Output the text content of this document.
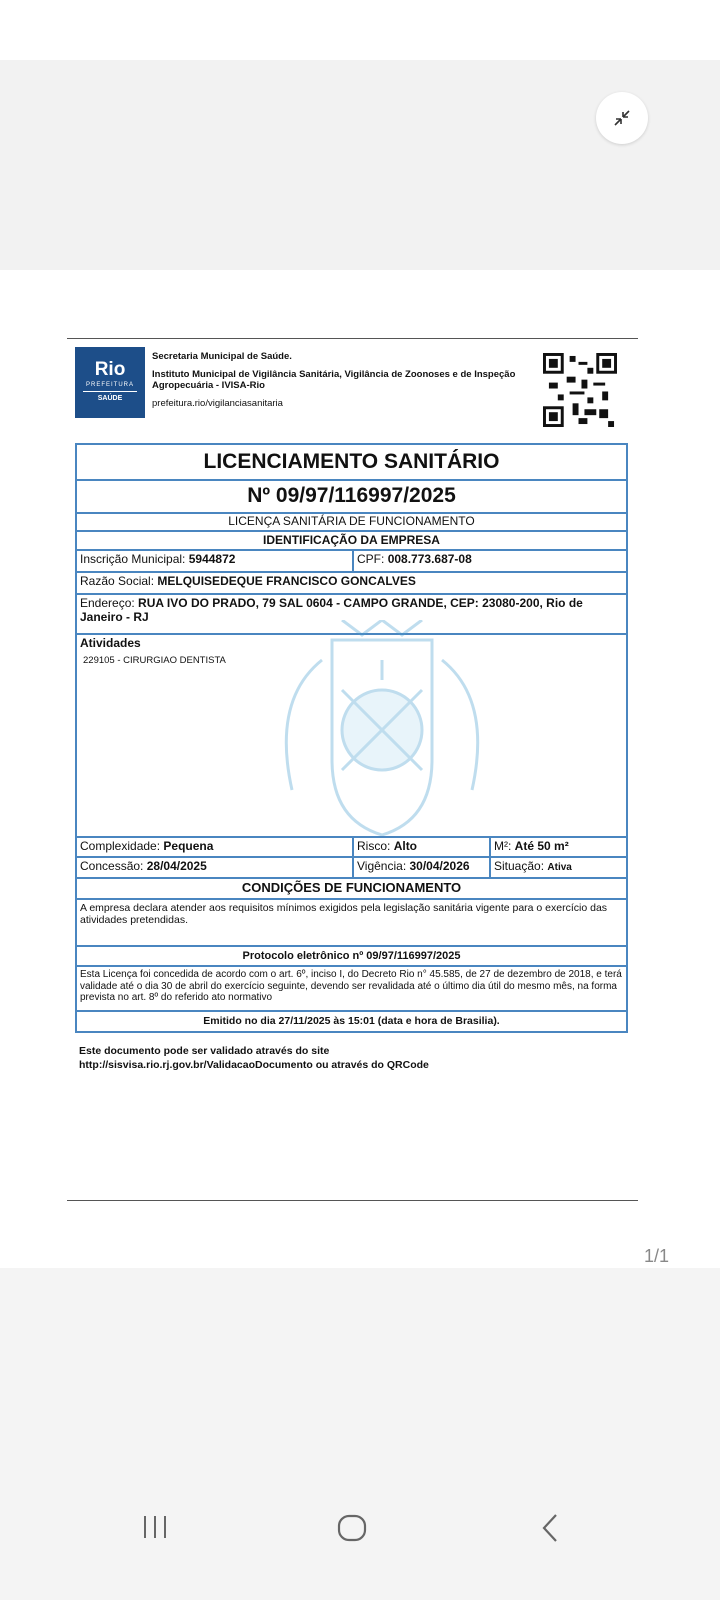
Rio
PREFEITURA
SAÚDE
Secretaria Municipal de Saúde.
Instituto Municipal de Vigilância Sanitária, Vigilância de Zoonoses e de Inspeção Agropecuária - IVISA-Rio
prefeitura.rio/vigilanciasanitaria
LICENCIAMENTO SANITÁRIO
Nº 09/97/116997/2025
LICENÇA SANITÁRIA DE FUNCIONAMENTO
IDENTIFICAÇÃO DA EMPRESA
Inscrição Municipal: 5944872	CPF: 008.773.687-08
Razão Social: MELQUISEDEQUE FRANCISCO GONCALVES
Endereço: RUA IVO DO PRADO, 79 SAL 0604 - CAMPO GRANDE, CEP: 23080-200, Rio de Janeiro - RJ
Atividades
229105 - CIRURGIAO DENTISTA
Complexidade: Pequena	Risco: Alto	M²: Até 50 m²
Concessão: 28/04/2025	Vigência: 30/04/2026	Situação: Ativa
CONDIÇÕES DE FUNCIONAMENTO
A empresa declara atender aos requisitos mínimos exigidos pela legislação sanitária vigente para o exercício das atividades pretendidas.
Protocolo eletrônico nº 09/97/116997/2025
Esta Licença foi concedida de acordo com o art. 6º, inciso I, do Decreto Rio n° 45.585, de 27 de dezembro de 2018, e terá validade até o dia 30 de abril do exercício seguinte, devendo ser revalidada até o último dia útil do mesmo mês, na forma prevista no art. 8º do referido ato normativo
Emitido no dia 27/11/2025 às 15:01 (data e hora de Brasilia).
Este documento pode ser validado através do site
http://sisvisa.rio.rj.gov.br/ValidacaoDocumento ou através do QRCode
1/1
